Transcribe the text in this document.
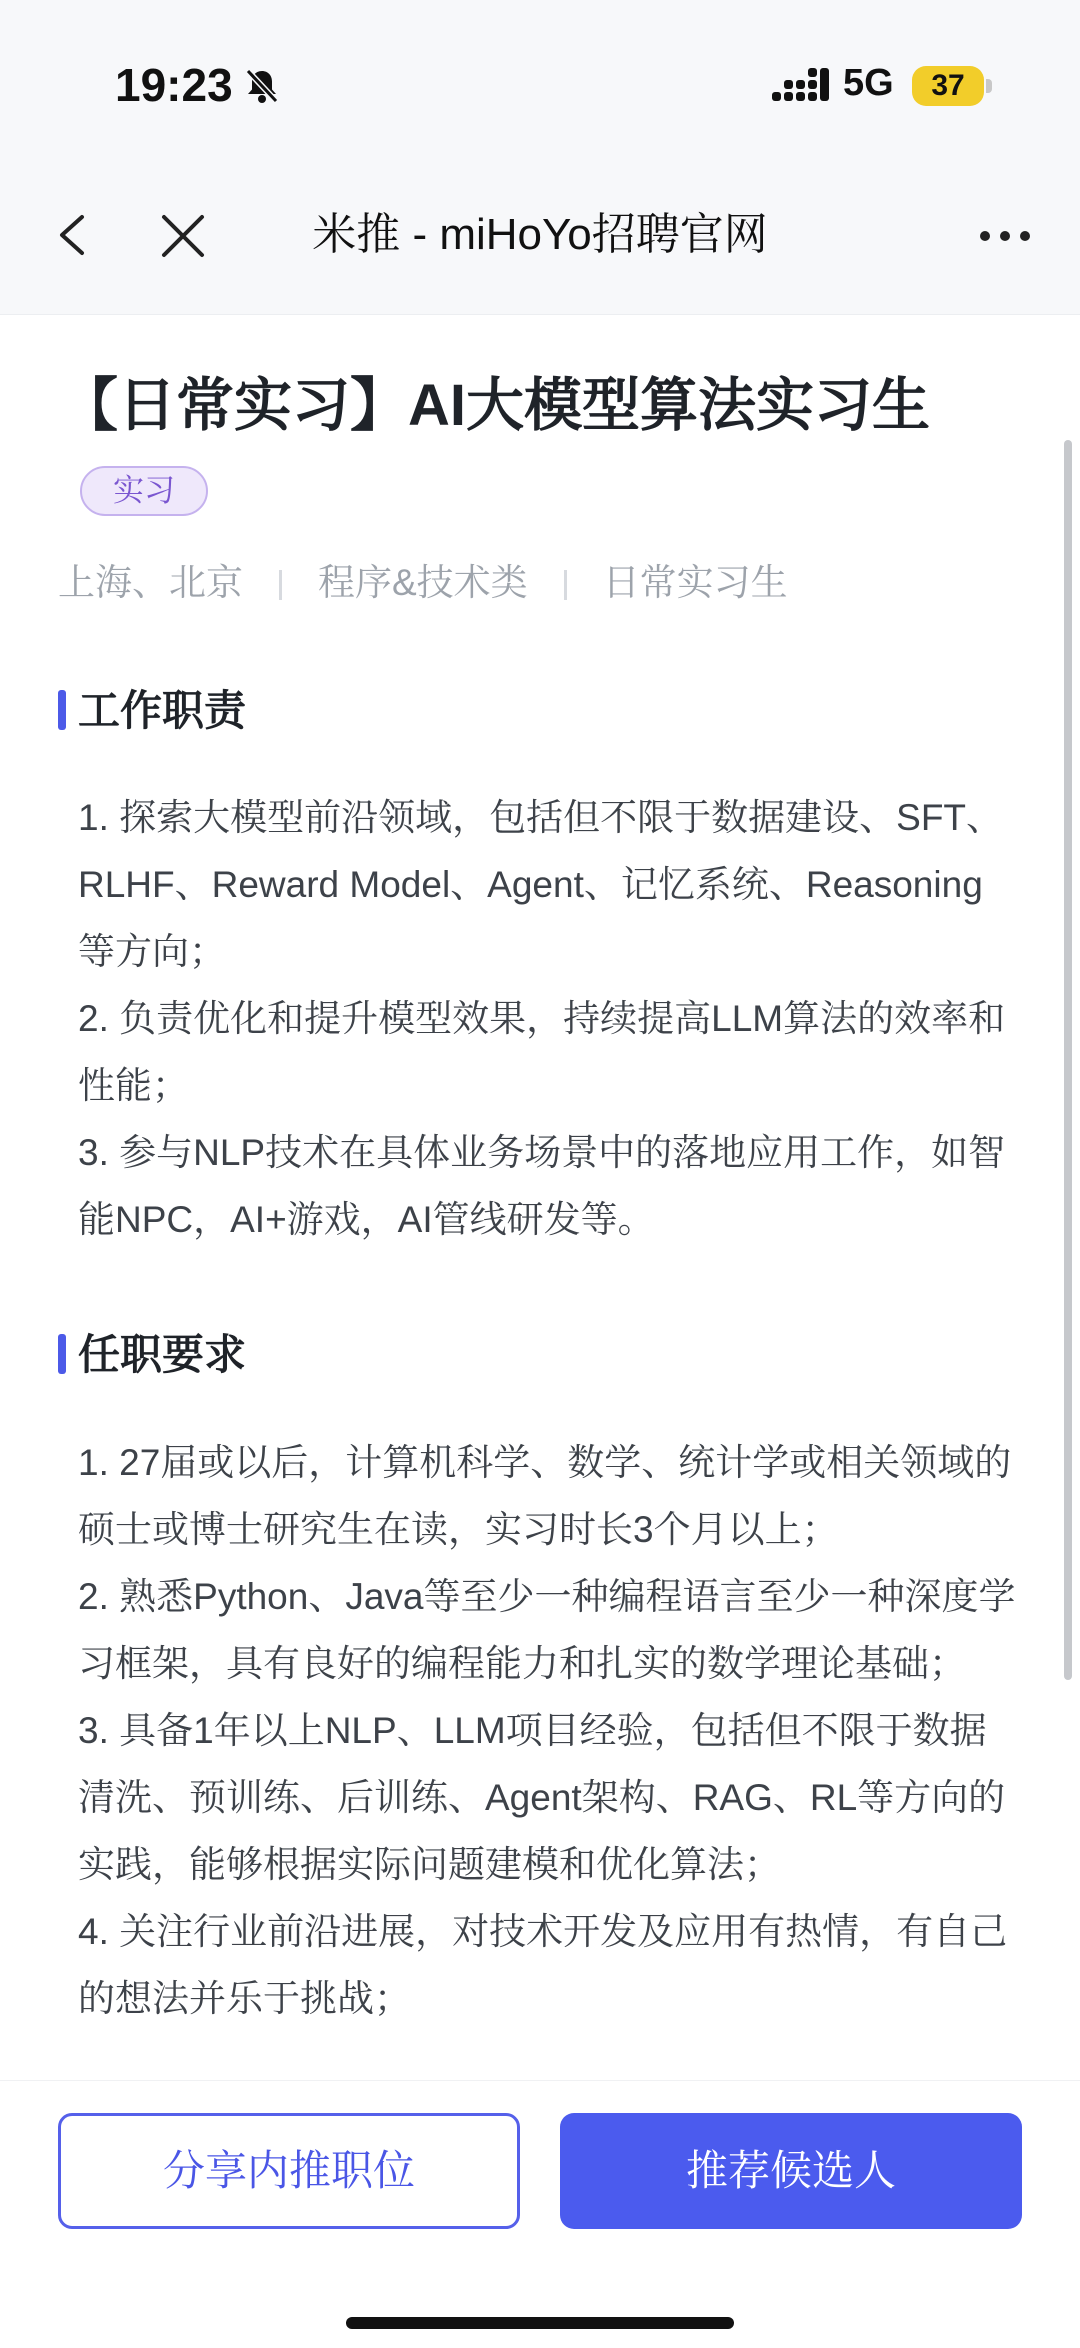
19:23	5G	37
米推 - miHoYo招聘官网
【日常实习】AI大模型算法实习生
实习
上海、北京 程序&技术类 日常实习生
工作职责

1. 探索大模型前沿领域，包括但不限于数据建设、SFT、RLHF、Reward Model、Agent、记忆系统、Reasoning等方向；

2. 负责优化和提升模型效果，持续提高LLM算法的效率和性能；

3. 参与NLP技术在具体业务场景中的落地应用工作，如智能NPC，AI+游戏，AI管线研发等。

任职要求

1. 27届或以后，计算机科学、数学、统计学或相关领域的硕士或博士研究生在读，实习时长3个月以上；

2. 熟悉Python、Java等至少一种编程语言至少一种深度学习框架，具有良好的编程能力和扎实的数学理论基础；

3. 具备1年以上NLP、LLM项目经验，包括但不限于数据清洗、预训练、后训练、Agent架构、RAG、RL等方向的实践，能够根据实际问题建模和优化算法；

4. 关注行业前沿进展，对技术开发及应用有热情，有自己的想法并乐于挑战；

分享内推职位	推荐候选人
